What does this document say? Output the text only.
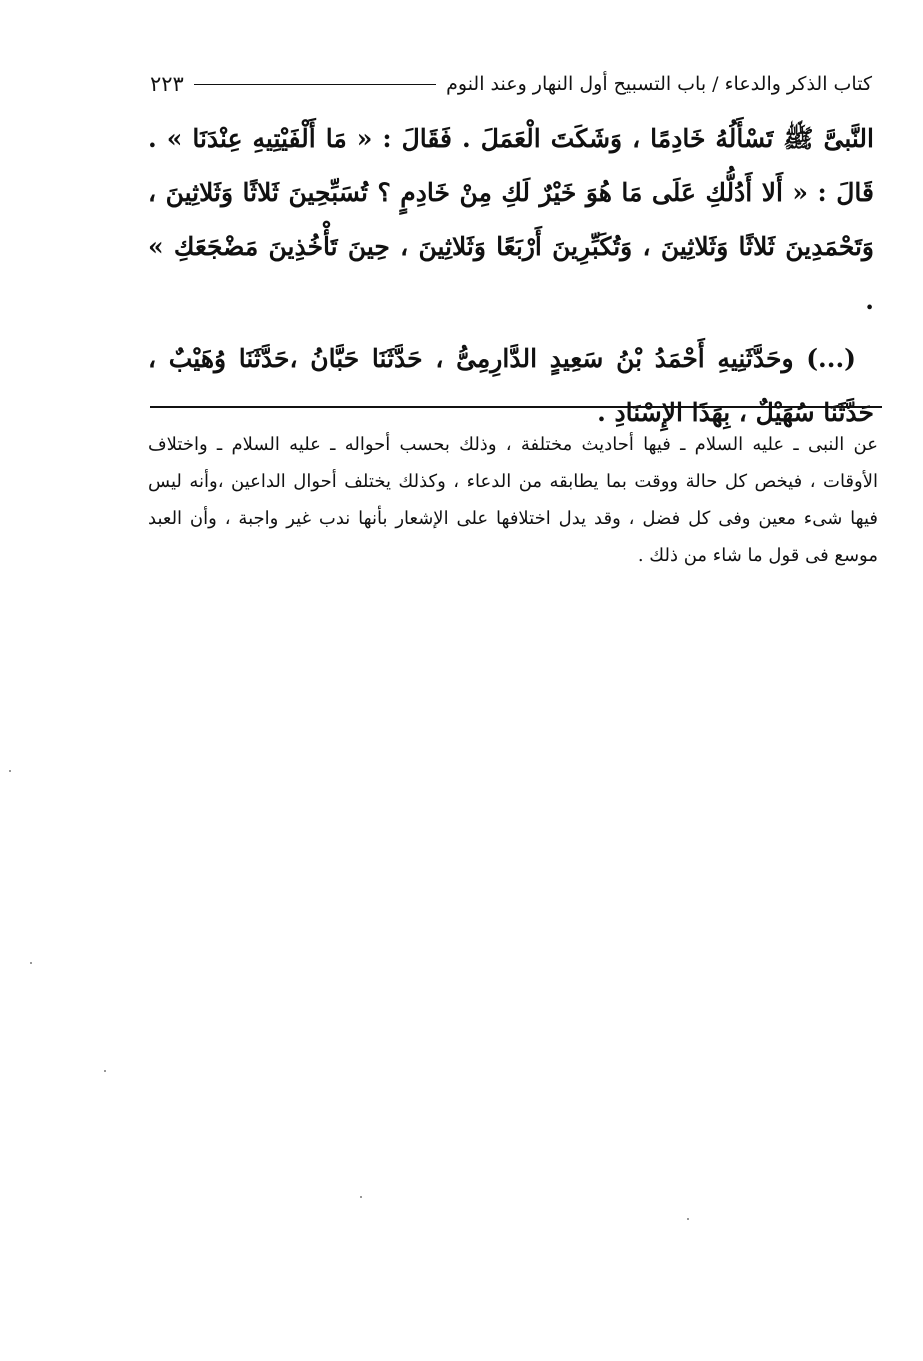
كتاب الذكر والدعاء / باب التسبيح أول النهار وعند النوم
٢٢٣

النَّبىَّ ﷺ تَسْأَلُهُ خَادِمًا ، وَشَكَتَ الْعَمَلَ . فَقَالَ : « مَا أَلْفَيْتِيهِ عِنْدَنَا » . قَالَ : « أَلا أَدُلُّكِ عَلَى مَا هُوَ خَيْرٌ لَكِ مِنْ خَادِمٍ ؟ تُسَبِّحِينَ ثَلاثًا وَثَلاثِينَ ، وَتَحْمَدِينَ ثَلاثًا وَثَلاثِينَ ، وَتُكَبِّرِينَ أَرْبَعًا وَثَلاثِينَ ، حِينَ تَأْخُذِينَ مَضْجَعَكِ » .

(...) وحَدَّثَنِيهِ أَحْمَدُ بْنُ سَعِيدٍ الدَّارِمِىُّ ، حَدَّثَنَا حَبَّانُ ،حَدَّثَنَا وُهَيْبٌ ، حَدَّثَنَا سُهَيْلٌ ، بِهَذَا الإِسْنَادِ .

عن النبى ـ عليه السلام ـ فيها أحاديث مختلفة ، وذلك بحسب أحواله ـ عليه السلام ـ واختلاف الأوقات ، فيخص كل حالة ووقت بما يطابقه من الدعاء ، وكذلك يختلف أحوال الداعين ،وأنه ليس فيها شىء معين وفى كل فضل ، وقد يدل اختلافها على الإشعار بأنها ندب غير واجبة ، وأن العبد موسع فى قول ما شاء من ذلك .
